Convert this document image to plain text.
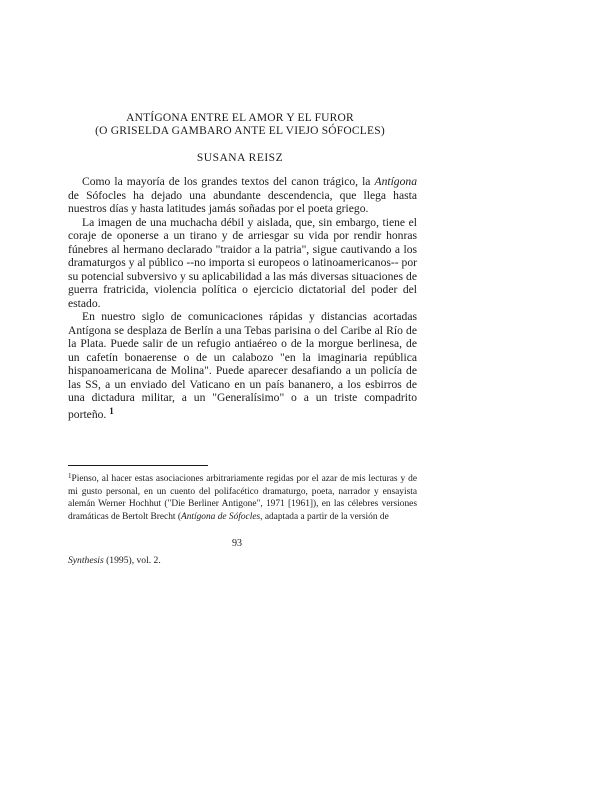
ANTÍGONA ENTRE EL AMOR Y EL FUROR
(O GRISELDA GAMBARO ANTE EL VIEJO SÓFOCLES)
SUSANA REISZ

Como la mayoría de los grandes textos del canon trágico, la Antígona de Sófocles ha dejado una abundante descendencia, que llega hasta nuestros días y hasta latitudes jamás soñadas por el poeta griego.

La imagen de una muchacha débil y aislada, que, sin embargo, tiene el coraje de oponerse a un tirano y de arriesgar su vida por rendir honras fúnebres al hermano declarado "traidor a la patria", sigue cautivando a los dramaturgos y al público --no importa si europeos o latinoamericanos-- por su potencial subversivo y su aplicabilidad a las más diversas situaciones de guerra fratricida, violencia política o ejercicio dictatorial del poder del estado.

En nuestro siglo de comunicaciones rápidas y distancias acortadas Antígona se desplaza de Berlín a una Tebas parisina o del Caribe al Río de la Plata. Puede salir de un refugio antiaéreo o de la morgue berlinesa, de un cafetín bonaerense o de un calabozo "en la imaginaria república hispanoamericana de Molina". Puede aparecer desafiando a un policía de las SS, a un enviado del Vaticano en un país bananero, a los esbirros de una dictadura militar, a un "Generalísimo" o a un triste compadrito porteño. $^1$

$^1$Pienso, al hacer estas asociaciones arbitrariamente regidas por el azar de mis lecturas y de mi gusto personal, en un cuento del polifacético dramaturgo, poeta, narrador y ensayista alemán Werner Hochhut ("Die Berliner Antigone", 1971 [1961]), en las célebres versiones dramáticas de Bertolt Brecht (Antígona de Sófocles, adaptada a partir de la versión de

93
Synthesis (1995), vol. 2.
